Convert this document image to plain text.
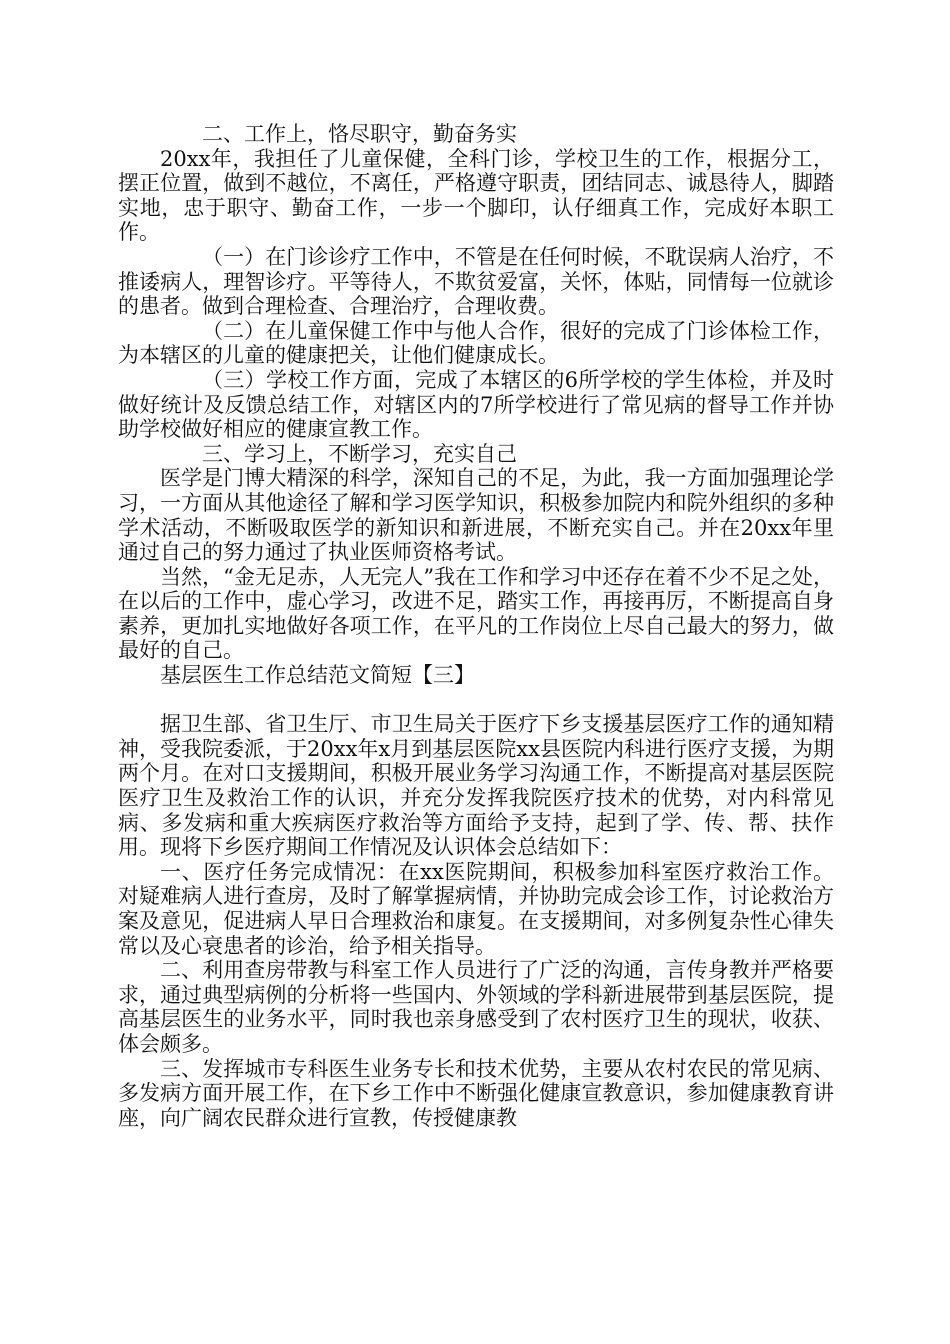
二、工作上，恪尽职守，勤奋务实

20xx年，我担任了儿童保健，全科门诊，学校卫生的工作，根据分工，摆正位置，做到不越位，不离任，严格遵守职责，团结同志、诚恳待人，脚踏实地，忠于职守、勤奋工作，一步一个脚印，认仔细真工作，完成好本职工作。

（一）在门诊诊疗工作中，不管是在任何时候，不耽误病人治疗，不推诿病人，理智诊疗。平等待人，不欺贫爱富，关怀，体贴，同情每一位就诊的患者。做到合理检查、合理治疗，合理收费。

（二）在儿童保健工作中与他人合作，很好的完成了门诊体检工作，为本辖区的儿童的健康把关，让他们健康成长。

（三）学校工作方面，完成了本辖区的6所学校的学生体检，并及时做好统计及反馈总结工作，对辖区内的7所学校进行了常见病的督导工作并协助学校做好相应的健康宣教工作。

三、学习上，不断学习，充实自己

医学是门博大精深的科学，深知自己的不足，为此，我一方面加强理论学习，一方面从其他途径了解和学习医学知识，积极参加院内和院外组织的多种学术活动，不断吸取医学的新知识和新进展，不断充实自己。并在20xx年里通过自己的努力通过了执业医师资格考试。

当然，“金无足赤，人无完人”我在工作和学习中还存在着不少不足之处，在以后的工作中，虚心学习，改进不足，踏实工作，再接再厉，不断提高自身素养，更加扎实地做好各项工作，在平凡的工作岗位上尽自己最大的努力，做最好的自己。

基层医生工作总结范文简短【三】

据卫生部、省卫生厅、市卫生局关于医疗下乡支援基层医疗工作的通知精神，受我院委派，于20xx年x月到基层医院xx县医院内科进行医疗支援，为期两个月。在对口支援期间，积极开展业务学习沟通工作，不断提高对基层医院医疗卫生及救治工作的认识，并充分发挥我院医疗技术的优势，对内科常见病、多发病和重大疾病医疗救治等方面给予支持，起到了学、传、帮、扶作用。现将下乡医疗期间工作情况及认识体会总结如下：

一、医疗任务完成情况：在xx医院期间，积极参加科室医疗救治工作。对疑难病人进行查房，及时了解掌握病情，并协助完成会诊工作，讨论救治方案及意见，促进病人早日合理救治和康复。在支援期间，对多例复杂性心律失常以及心衰患者的诊治，给予相关指导。

二、利用查房带教与科室工作人员进行了广泛的沟通，言传身教并严格要求，通过典型病例的分析将一些国内、外领域的学科新进展带到基层医院，提高基层医生的业务水平，同时我也亲身感受到了农村医疗卫生的现状，收获、体会颇多。

三、发挥城市专科医生业务专长和技术优势，主要从农村农民的常见病、多发病方面开展工作，在下乡工作中不断强化健康宣教意识，参加健康教育讲座，向广阔农民群众进行宣教，传授健康教
